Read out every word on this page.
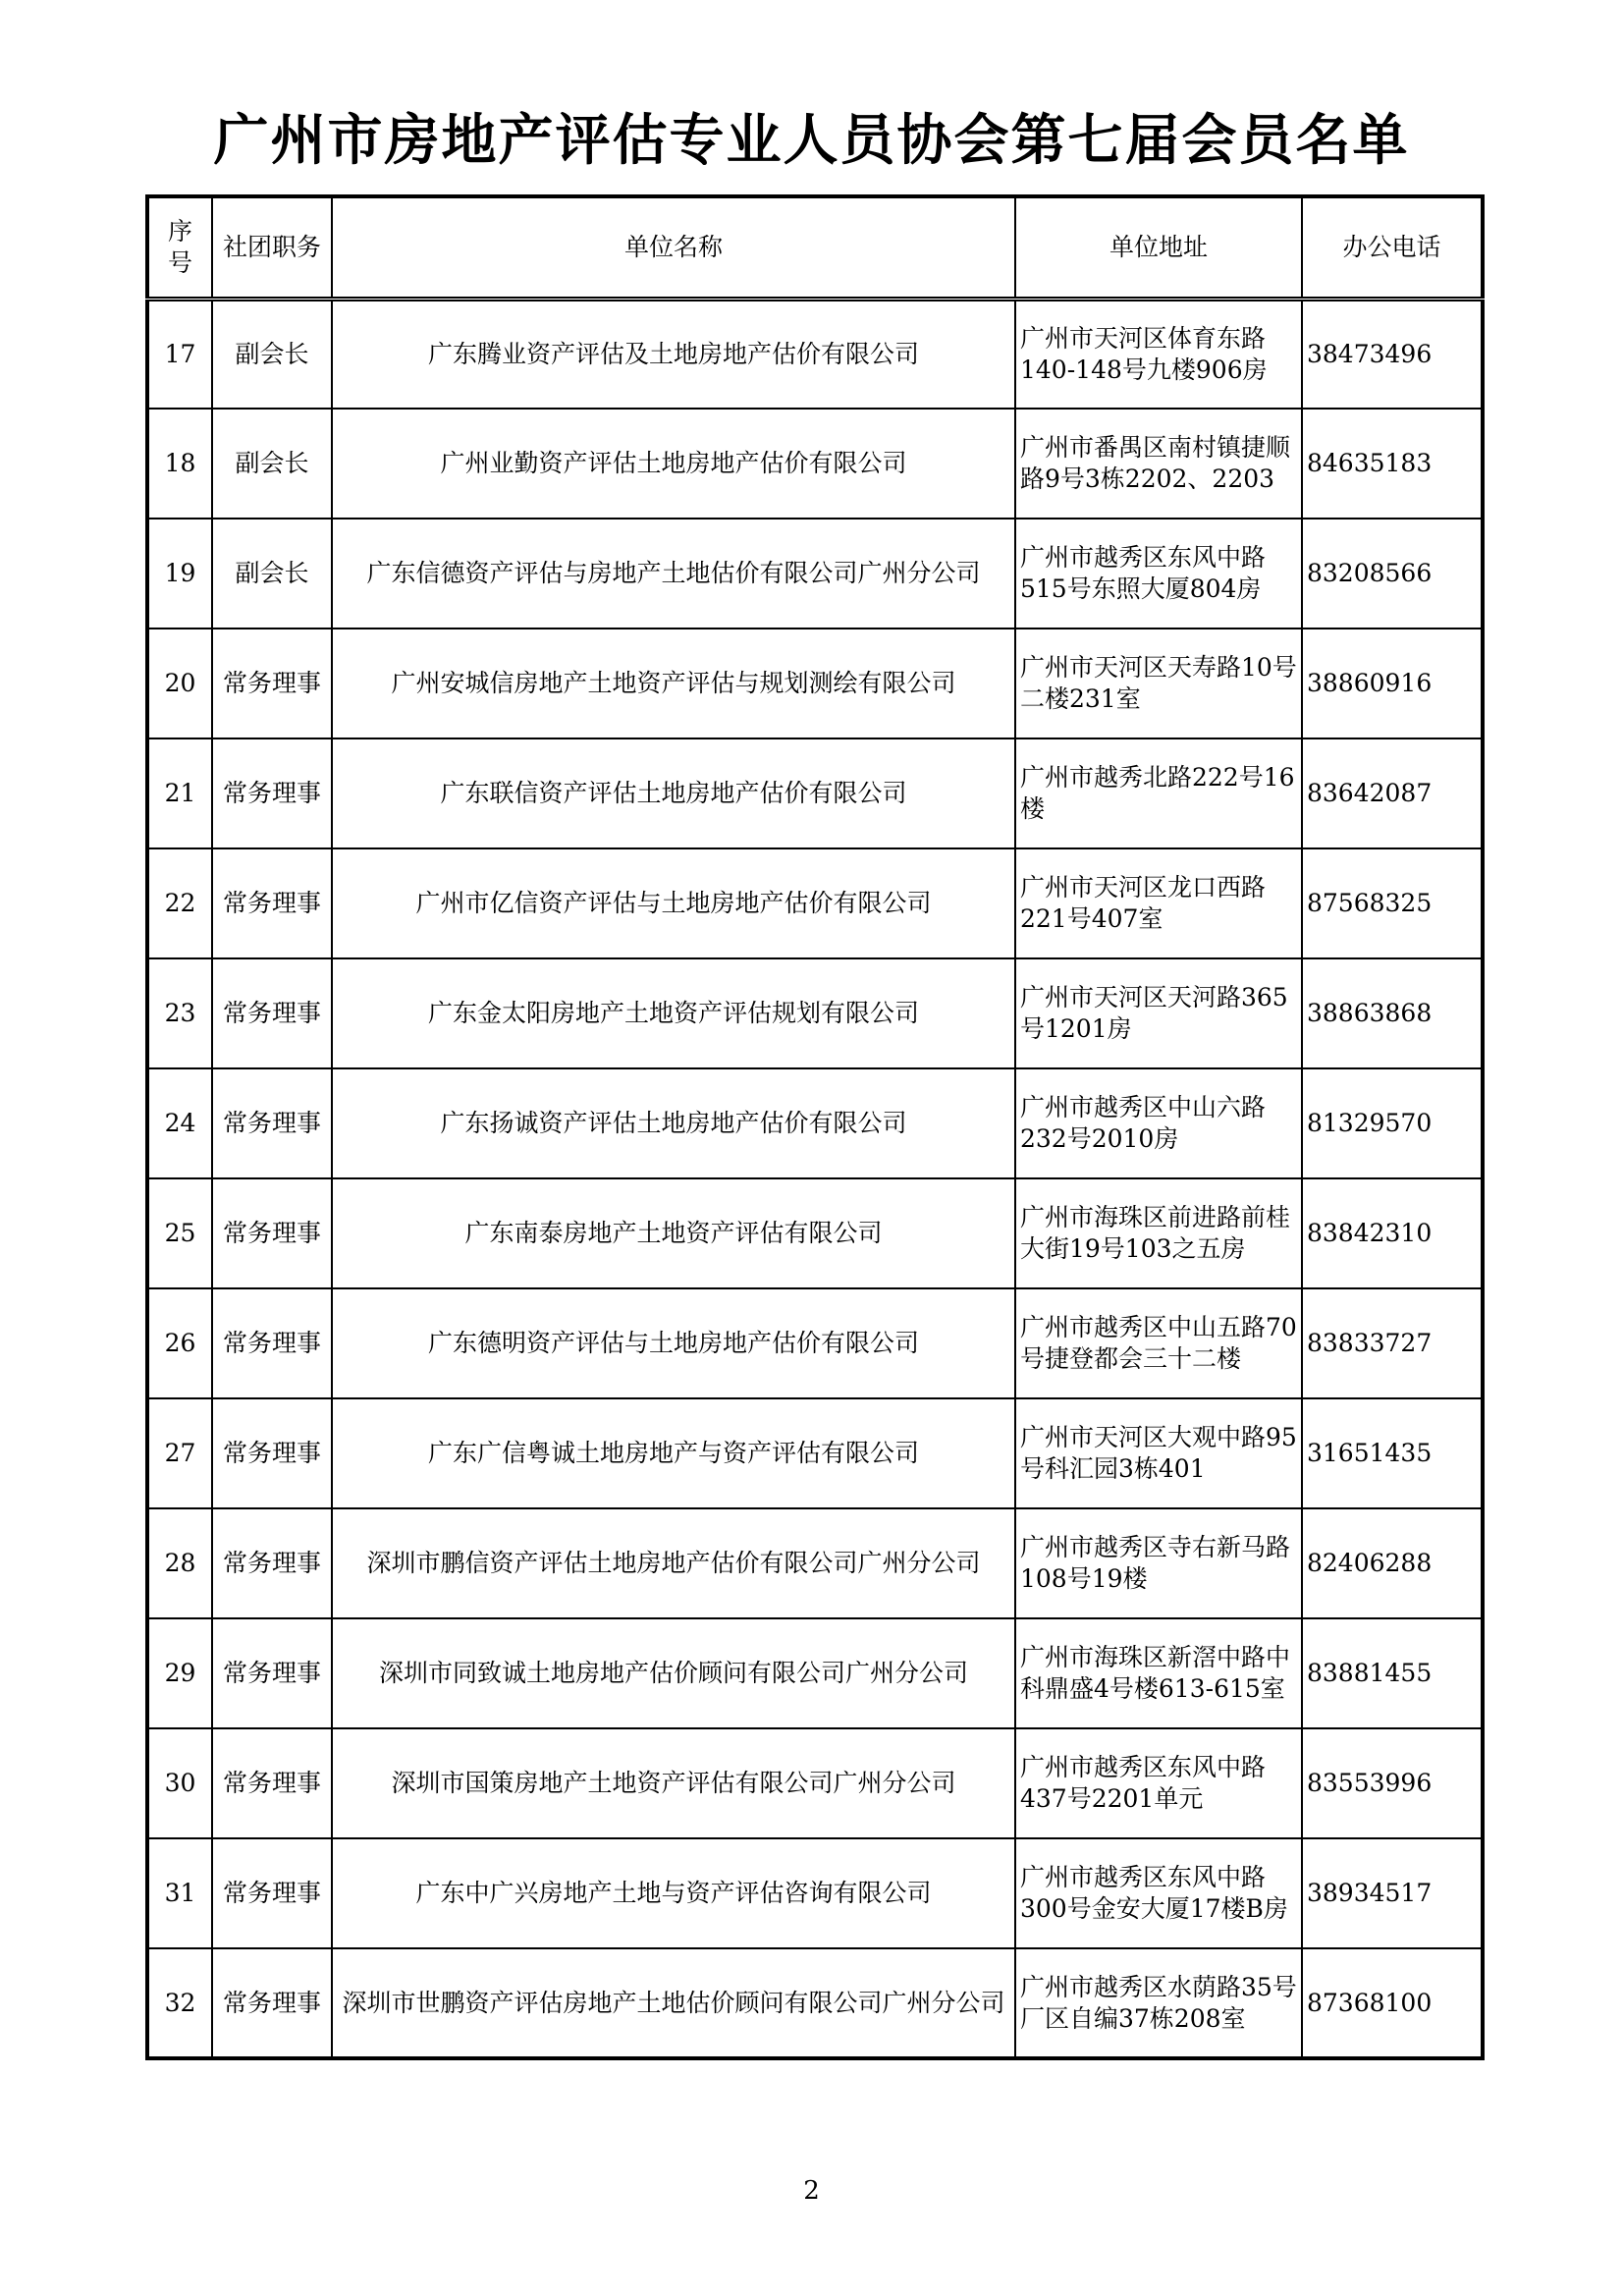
广州市房地产评估专业人员协会第七届会员名单
序
号	社团职务	单位名称	单位地址	办公电话
17	副会长	广东腾业资产评估及土地房地产估价有限公司	广州市天河区体育东路140-148号九楼906房	38473496
18	副会长	广州业勤资产评估土地房地产估价有限公司	广州市番禺区南村镇捷顺路9号3栋2202、2203	84635183
19	副会长	广东信德资产评估与房地产土地估价有限公司广州分公司	广州市越秀区东风中路515号东照大厦804房	83208566
20	常务理事	广州安城信房地产土地资产评估与规划测绘有限公司	广州市天河区天寿路10号二楼231室	38860916
21	常务理事	广东联信资产评估土地房地产估价有限公司	广州市越秀北路222号16楼	83642087
22	常务理事	广州市亿信资产评估与土地房地产估价有限公司	广州市天河区龙口西路221号407室	87568325
23	常务理事	广东金太阳房地产土地资产评估规划有限公司	广州市天河区天河路365号1201房	38863868
24	常务理事	广东扬诚资产评估土地房地产估价有限公司	广州市越秀区中山六路232号2010房	81329570
25	常务理事	广东南泰房地产土地资产评估有限公司	广州市海珠区前进路前桂大街19号103之五房	83842310
26	常务理事	广东德明资产评估与土地房地产估价有限公司	广州市越秀区中山五路70号捷登都会三十二楼	83833727
27	常务理事	广东广信粤诚土地房地产与资产评估有限公司	广州市天河区大观中路95号科汇园3栋401	31651435
28	常务理事	深圳市鹏信资产评估土地房地产估价有限公司广州分公司	广州市越秀区寺右新马路108号19楼	82406288
29	常务理事	深圳市同致诚土地房地产估价顾问有限公司广州分公司	广州市海珠区新滘中路中科鼎盛4号楼613-615室	83881455
30	常务理事	深圳市国策房地产土地资产评估有限公司广州分公司	广州市越秀区东风中路437号2201单元	83553996
31	常务理事	广东中广兴房地产土地与资产评估咨询有限公司	广州市越秀区东风中路300号金安大厦17楼B房	38934517
32	常务理事	深圳市世鹏资产评估房地产土地估价顾问有限公司广州分公司	广州市越秀区水荫路35号厂区自编37栋208室	87368100
2
